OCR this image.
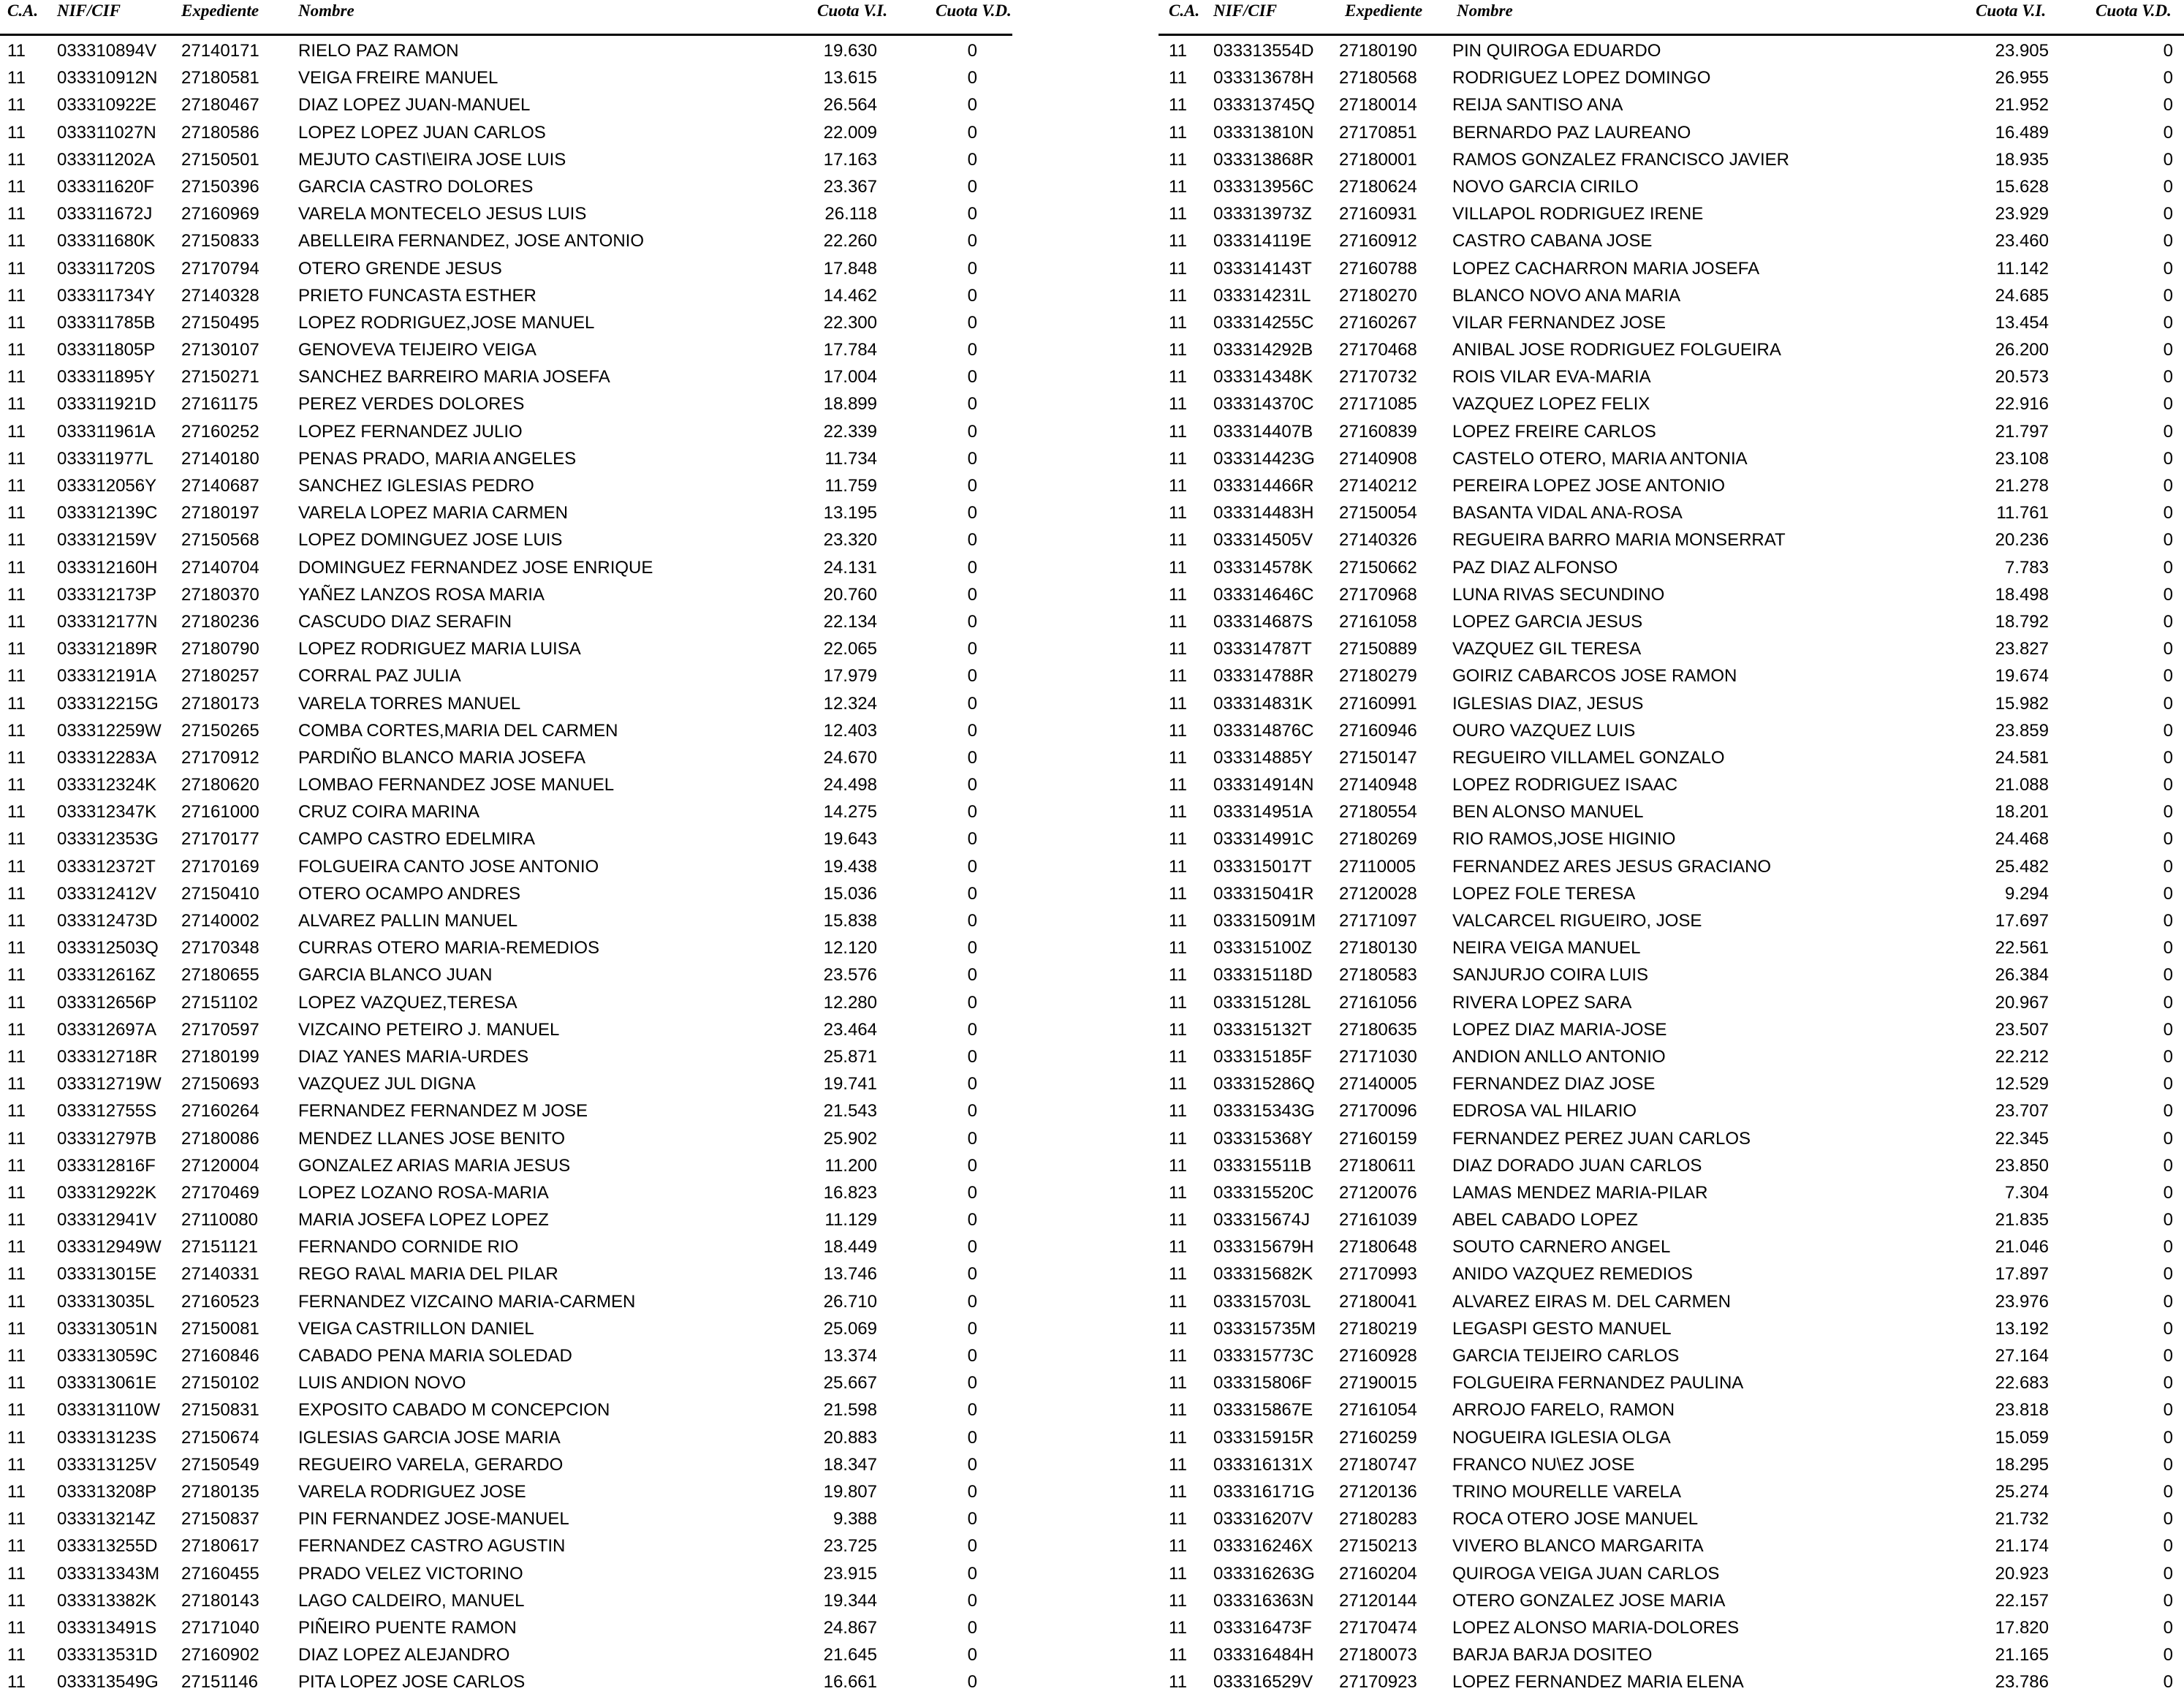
C.A. NIF/CIF	Expediente Nombre	Cuota V.I.	Cuota V.D.
11 033310894V 27140171 RIELO PAZ RAMON	19.630	0
11 033310912N 27180581 VEIGA FREIRE MANUEL	13.615	0
11 033310922E 27180467 DIAZ LOPEZ JUAN-MANUEL	26.564	0
11 033311027N 27180586 LOPEZ LOPEZ JUAN CARLOS	22.009	0
11 033311202A 27150501 MEJUTO CASTI\EIRA JOSE LUIS	17.163	0
11 033311620F 27150396 GARCIA CASTRO DOLORES	23.367	0
11 033311672J 27160969 VARELA MONTECELO JESUS LUIS	26.118	0
11 033311680K 27150833 ABELLEIRA FERNANDEZ, JOSE ANTONIO	22.260	0
11 033311720S 27170794 OTERO GRENDE JESUS	17.848	0
11 033311734Y 27140328 PRIETO FUNCASTA ESTHER	14.462	0
11 033311785B 27150495 LOPEZ RODRIGUEZ,JOSE MANUEL	22.300	0
11 033311805P 27130107 GENOVEVA TEIJEIRO VEIGA	17.784	0
11 033311895Y 27150271 SANCHEZ BARREIRO MARIA JOSEFA	17.004	0
11 033311921D 27161175 PEREZ VERDES DOLORES	18.899	0
11 033311961A 27160252 LOPEZ FERNANDEZ JULIO	22.339	0
11 033311977L 27140180 PENAS PRADO, MARIA ANGELES	11.734	0
11 033312056Y 27140687 SANCHEZ IGLESIAS PEDRO	11.759	0
11 033312139C 27180197 VARELA LOPEZ MARIA CARMEN	13.195	0
11 033312159V 27150568 LOPEZ DOMINGUEZ JOSE LUIS	23.320	0
11 033312160H 27140704 DOMINGUEZ FERNANDEZ JOSE ENRIQUE	24.131	0
11 033312173P 27180370 YAÑEZ LANZOS ROSA MARIA	20.760	0
11 033312177N 27180236 CASCUDO DIAZ SERAFIN	22.134	0
11 033312189R 27180790 LOPEZ RODRIGUEZ MARIA LUISA	22.065	0
11 033312191A 27180257 CORRAL PAZ JULIA	17.979	0
11 033312215G 27180173 VARELA TORRES MANUEL	12.324	0
11 033312259W 27150265 COMBA CORTES,MARIA DEL CARMEN	12.403	0
11 033312283A 27170912 PARDIÑO BLANCO MARIA JOSEFA	24.670	0
11 033312324K 27180620 LOMBAO FERNANDEZ JOSE MANUEL	24.498	0
11 033312347K 27161000 CRUZ COIRA MARINA	14.275	0
11 033312353G 27170177 CAMPO CASTRO EDELMIRA	19.643	0
11 033312372T 27170169 FOLGUEIRA CANTO JOSE ANTONIO	19.438	0
11 033312412V 27150410 OTERO OCAMPO ANDRES	15.036	0
11 033312473D 27140002 ALVAREZ PALLIN MANUEL	15.838	0
11 033312503Q 27170348 CURRAS OTERO MARIA-REMEDIOS	12.120	0
11 033312616Z 27180655 GARCIA BLANCO JUAN	23.576	0
11 033312656P 27151102 LOPEZ VAZQUEZ,TERESA	12.280	0
11 033312697A 27170597 VIZCAINO PETEIRO J. MANUEL	23.464	0
11 033312718R 27180199 DIAZ YANES MARIA-URDES	25.871	0
11 033312719W 27150693 VAZQUEZ JUL DIGNA	19.741	0
11 033312755S 27160264 FERNANDEZ FERNANDEZ M JOSE	21.543	0
11 033312797B 27180086 MENDEZ LLANES JOSE BENITO	25.902	0
11 033312816F 27120004 GONZALEZ ARIAS MARIA JESUS	11.200	0
11 033312922K 27170469 LOPEZ LOZANO ROSA-MARIA	16.823	0
11 033312941V 27110080 MARIA JOSEFA LOPEZ LOPEZ	11.129	0
11 033312949W 27151121 FERNANDO CORNIDE RIO	18.449	0
11 033313015E 27140331 REGO RA\AL MARIA DEL PILAR	13.746	0
11 033313035L 27160523 FERNANDEZ VIZCAINO MARIA-CARMEN	26.710	0
11 033313051N 27150081 VEIGA CASTRILLON DANIEL	25.069	0
11 033313059C 27160846 CABADO PENA MARIA SOLEDAD	13.374	0
11 033313061E 27150102 LUIS ANDION NOVO	25.667	0
11 033313110W 27150831 EXPOSITO CABADO M CONCEPCION	21.598	0
11 033313123S 27150674 IGLESIAS GARCIA JOSE MARIA	20.883	0
11 033313125V 27150549 REGUEIRO VARELA, GERARDO	18.347	0
11 033313208P 27180135 VARELA RODRIGUEZ JOSE	19.807	0
11 033313214Z 27150837 PIN FERNANDEZ JOSE-MANUEL	9.388	0
11 033313255D 27180617 FERNANDEZ CASTRO AGUSTIN	23.725	0
11 033313343M 27160455 PRADO VELEZ VICTORINO	23.915	0
11 033313382K 27180143 LAGO CALDEIRO, MANUEL	19.344	0
11 033313491S 27171040 PIÑEIRO PUENTE RAMON	24.867	0
11 033313531D 27160902 DIAZ LOPEZ ALEJANDRO	21.645	0
11 033313549G 27151146 PITA LOPEZ JOSE CARLOS	16.661	0
C.A. NIF/CIF	Expediente Nombre	Cuota V.I.	Cuota V.D.
11 033313554D 27180190 PIN QUIROGA EDUARDO	23.905	0
11 033313678H 27180568 RODRIGUEZ LOPEZ DOMINGO	26.955	0
11 033313745Q 27180014 REIJA SANTISO ANA	21.952	0
11 033313810N 27170851 BERNARDO PAZ LAUREANO	16.489	0
11 033313868R 27180001 RAMOS GONZALEZ FRANCISCO JAVIER	18.935	0
11 033313956C 27180624 NOVO GARCIA CIRILO	15.628	0
11 033313973Z 27160931 VILLAPOL RODRIGUEZ IRENE	23.929	0
11 033314119E 27160912 CASTRO CABANA JOSE	23.460	0
11 033314143T 27160788 LOPEZ CACHARRON MARIA JOSEFA	11.142	0
11 033314231L 27180270 BLANCO NOVO ANA MARIA	24.685	0
11 033314255C 27160267 VILAR FERNANDEZ JOSE	13.454	0
11 033314292B 27170468 ANIBAL JOSE RODRIGUEZ FOLGUEIRA	26.200	0
11 033314348K 27170732 ROIS VILAR EVA-MARIA	20.573	0
11 033314370C 27171085 VAZQUEZ LOPEZ FELIX	22.916	0
11 033314407B 27160839 LOPEZ FREIRE CARLOS	21.797	0
11 033314423G 27140908 CASTELO OTERO, MARIA ANTONIA	23.108	0
11 033314466R 27140212 PEREIRA LOPEZ JOSE ANTONIO	21.278	0
11 033314483H 27150054 BASANTA VIDAL ANA-ROSA	11.761	0
11 033314505V 27140326 REGUEIRA BARRO MARIA MONSERRAT	20.236	0
11 033314578K 27150662 PAZ DIAZ ALFONSO	7.783	0
11 033314646C 27170968 LUNA RIVAS SECUNDINO	18.498	0
11 033314687S 27161058 LOPEZ GARCIA JESUS	18.792	0
11 033314787T 27150889 VAZQUEZ GIL TERESA	23.827	0
11 033314788R 27180279 GOIRIZ CABARCOS JOSE RAMON	19.674	0
11 033314831K 27160991 IGLESIAS DIAZ, JESUS	15.982	0
11 033314876C 27160946 OURO VAZQUEZ LUIS	23.859	0
11 033314885Y 27150147 REGUEIRO VILLAMEL GONZALO	24.581	0
11 033314914N 27140948 LOPEZ RODRIGUEZ ISAAC	21.088	0
11 033314951A 27180554 BEN ALONSO MANUEL	18.201	0
11 033314991C 27180269 RIO RAMOS,JOSE HIGINIO	24.468	0
11 033315017T 27110005 FERNANDEZ ARES JESUS GRACIANO	25.482	0
11 033315041R 27120028 LOPEZ FOLE TERESA	9.294	0
11 033315091M 27171097 VALCARCEL RIGUEIRO, JOSE	17.697	0
11 033315100Z 27180130 NEIRA VEIGA MANUEL	22.561	0
11 033315118D 27180583 SANJURJO COIRA LUIS	26.384	0
11 033315128L 27161056 RIVERA LOPEZ SARA	20.967	0
11 033315132T 27180635 LOPEZ DIAZ MARIA-JOSE	23.507	0
11 033315185F 27171030 ANDION ANLLO ANTONIO	22.212	0
11 033315286Q 27140005 FERNANDEZ DIAZ JOSE	12.529	0
11 033315343G 27170096 EDROSA VAL HILARIO	23.707	0
11 033315368Y 27160159 FERNANDEZ PEREZ JUAN CARLOS	22.345	0
11 033315511B 27180611 DIAZ DORADO JUAN CARLOS	23.850	0
11 033315520C 27120076 LAMAS MENDEZ MARIA-PILAR	7.304	0
11 033315674J 27161039 ABEL CABADO LOPEZ	21.835	0
11 033315679H 27180648 SOUTO CARNERO ANGEL	21.046	0
11 033315682K 27170993 ANIDO VAZQUEZ REMEDIOS	17.897	0
11 033315703L 27180041 ALVAREZ EIRAS M. DEL CARMEN	23.976	0
11 033315735M 27180219 LEGASPI GESTO MANUEL	13.192	0
11 033315773C 27160928 GARCIA TEIJEIRO CARLOS	27.164	0
11 033315806F 27190015 FOLGUEIRA FERNANDEZ PAULINA	22.683	0
11 033315867E 27161054 ARROJO FARELO, RAMON	23.818	0
11 033315915R 27160259 NOGUEIRA IGLESIA OLGA	15.059	0
11 033316131X 27180747 FRANCO NU\EZ JOSE	18.295	0
11 033316171G 27120136 TRINO MOURELLE VARELA	25.274	0
11 033316207V 27180283 ROCA OTERO JOSE MANUEL	21.732	0
11 033316246X 27150213 VIVERO BLANCO MARGARITA	21.174	0
11 033316263G 27160204 QUIROGA VEIGA JUAN CARLOS	20.923	0
11 033316363N 27120144 OTERO GONZALEZ JOSE MARIA	22.157	0
11 033316473F 27170474 LOPEZ ALONSO MARIA-DOLORES	17.820	0
11 033316484H 27180073 BARJA BARJA DOSITEO	21.165	0
11 033316529V 27170923 LOPEZ FERNANDEZ MARIA ELENA	23.786	0
